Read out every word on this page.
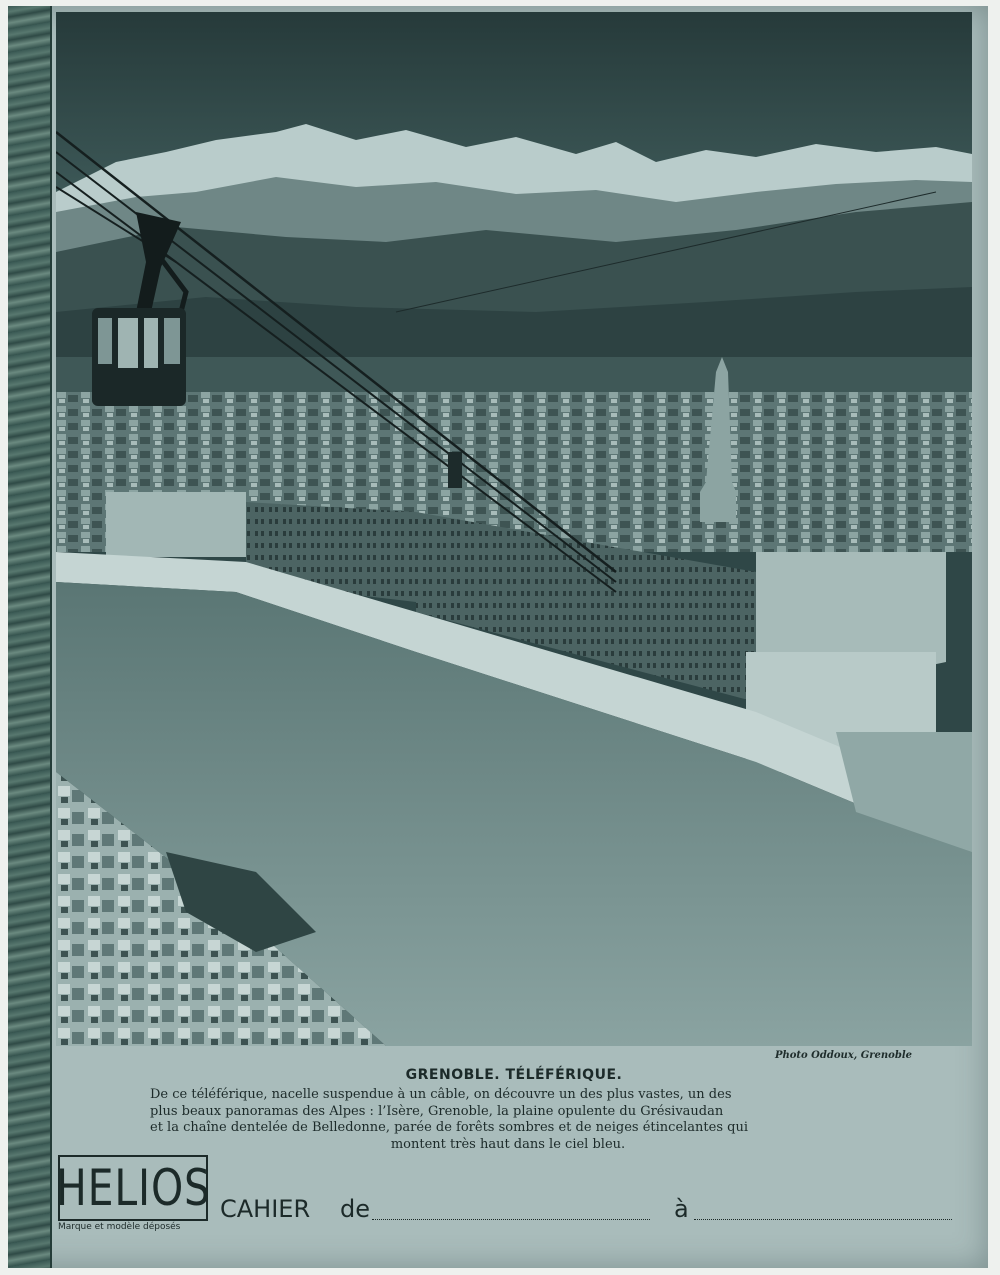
Photo Oddoux, Grenoble
GRENOBLE. TÉLÉFÉRIQUE.
De ce téléférique, nacelle suspendue à un câble, on découvre un des plus vastes, un des
plus beaux panoramas des Alpes : l’Isère, Grenoble, la plaine opulente du Grésivaudan
et la chaîne dentelée de Belledonne, parée de forêts sombres et de neiges étincelantes qui
montent très haut dans le ciel bleu.
HELIOS
Marque et modèle déposés
CAHIER de	à
